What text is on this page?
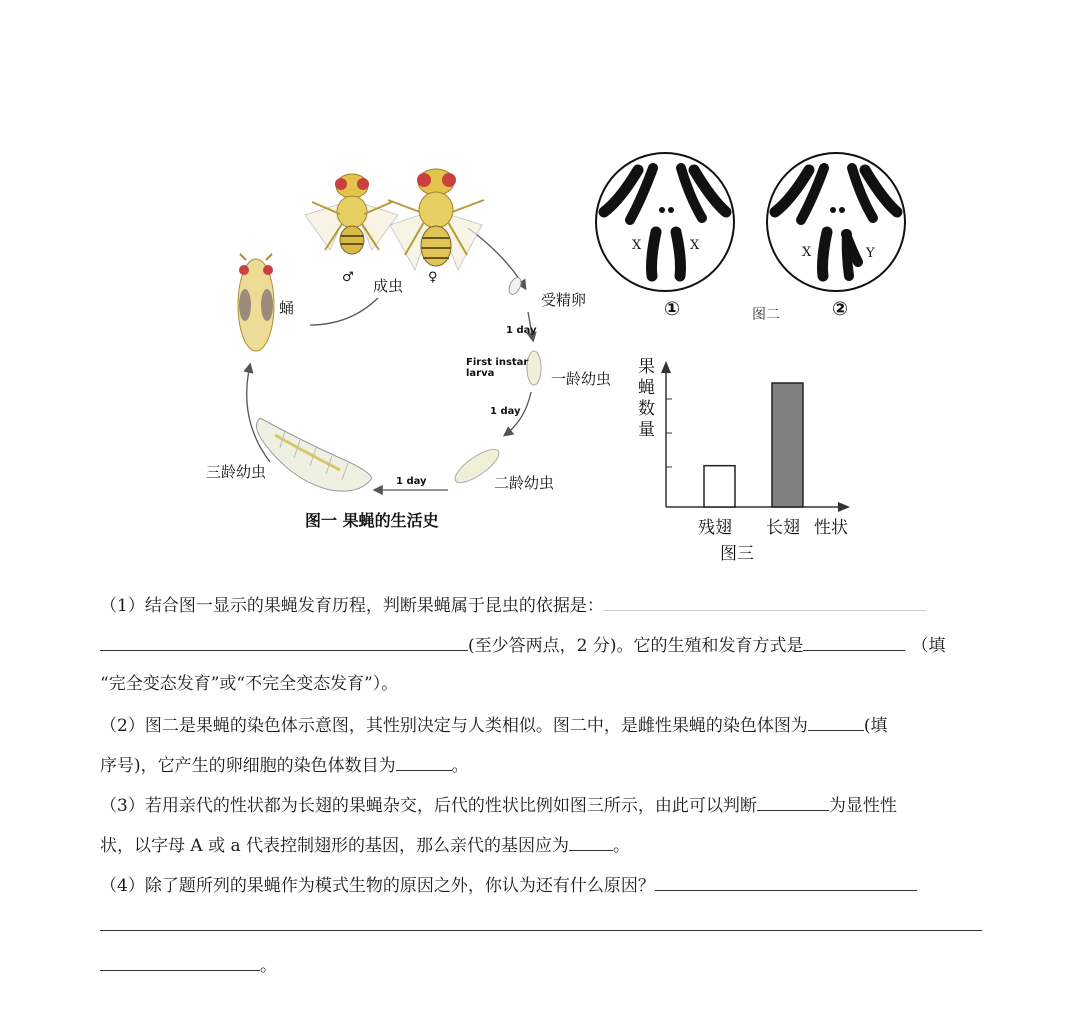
成虫
♂	♀
受精卵
1 day
First instar larva	一龄幼虫
1 day
二龄幼虫
1 day
三龄幼虫
蛹
图一 果蝇的生活史
X	X	X	Y
①	图二	②
果蝇数量
残翅 长翅 性状
图三
（1）结合图一显示的果蝇发育历程，判断果蝇属于昆虫的依据是：
(至少答两点，2 分)。它的生殖和发育方式是	（填
“完全变态发育”或“不完全变态发育”）。
（2）图二是果蝇的染色体示意图，其性别决定与人类相似。图二中，是雌性果蝇的染色体图为	(填
序号)，它产生的卵细胞的染色体数目为	。
（3）若用亲代的性状都为长翅的果蝇杂交，后代的性状比例如图三所示，由此可以判断	为显性性
状，以字母 A 或 a 代表控制翅形的基因，那么亲代的基因应为	。
（4）除了题所列的果蝇作为模式生物的原因之外，你认为还有什么原因？
。
